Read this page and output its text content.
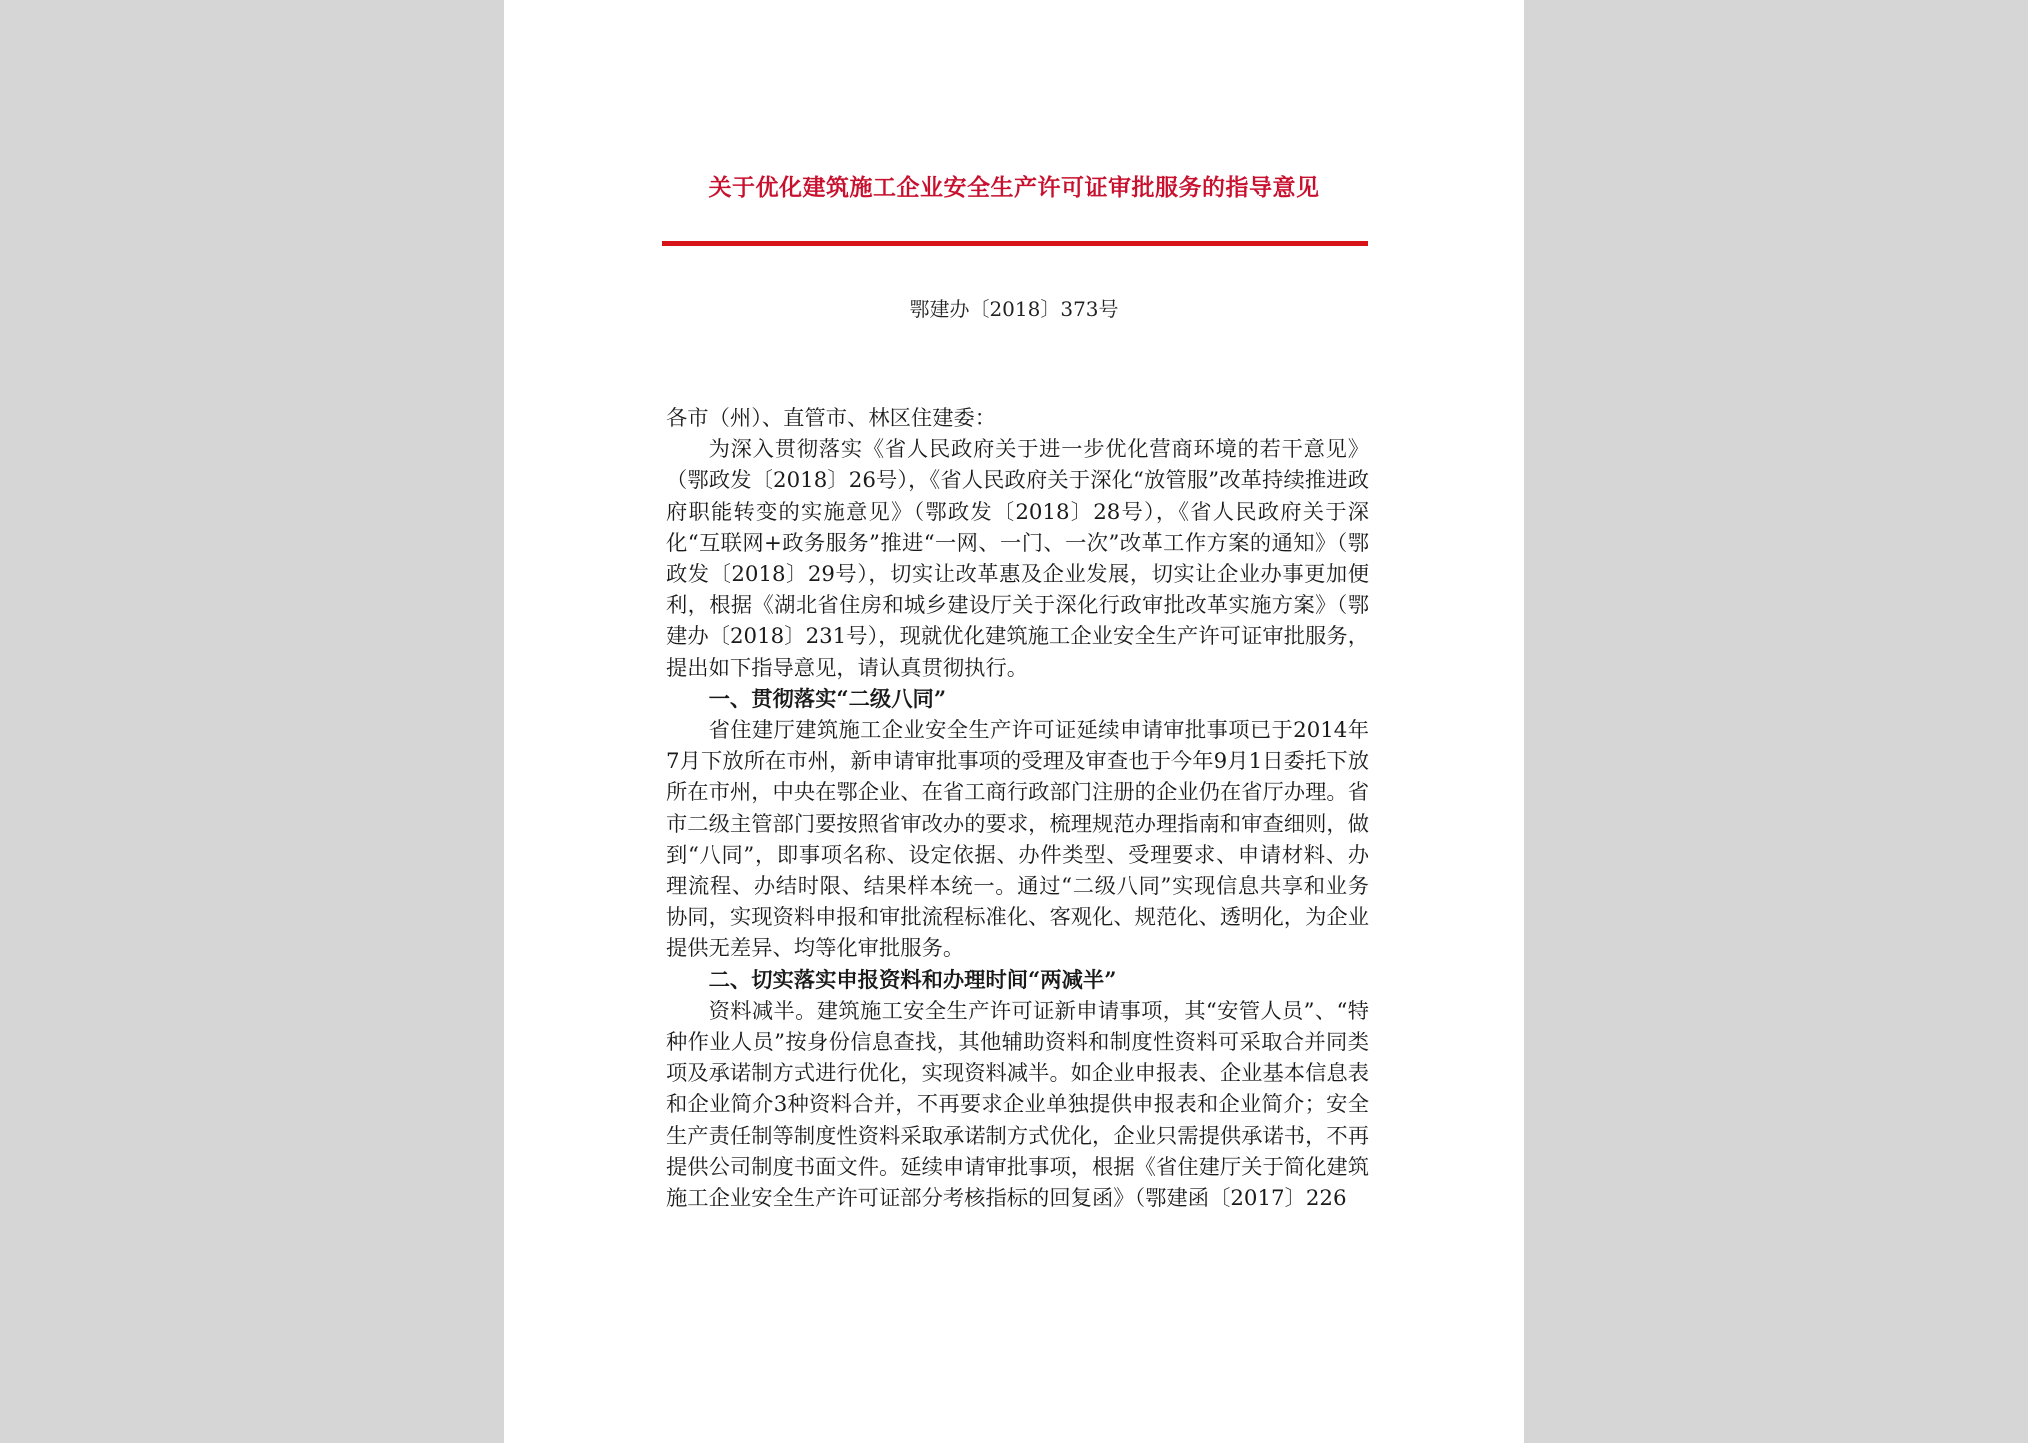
关于优化建筑施工企业安全生产许可证审批服务的指导意见
鄂建办〔2018〕373号

各市（州）、直管市、林区住建委：

为深入贯彻落实《省人民政府关于进一步优化营商环境的若干意见》（鄂政发〔2018〕26号），《省人民政府关于深化“放管服”改革持续推进政府职能转变的实施意见》（鄂政发〔2018〕28号），《省人民政府关于深化“互联网+政务服务”推进“一网、一门、一次”改革工作方案的通知》（鄂政发〔2018〕29号），切实让改革惠及企业发展，切实让企业办事更加便利，根据《湖北省住房和城乡建设厅关于深化行政审批改革实施方案》（鄂建办〔2018〕231号），现就优化建筑施工企业安全生产许可证审批服务，提出如下指导意见，请认真贯彻执行。

一、贯彻落实“二级八同”

省住建厅建筑施工企业安全生产许可证延续申请审批事项已于2014年7月下放所在市州，新申请审批事项的受理及审查也于今年9月1日委托下放所在市州，中央在鄂企业、在省工商行政部门注册的企业仍在省厅办理。省市二级主管部门要按照省审改办的要求，梳理规范办理指南和审查细则，做到“八同”，即事项名称、设定依据、办件类型、受理要求、申请材料、办理流程、办结时限、结果样本统一。通过“二级八同”实现信息共享和业务协同，实现资料申报和审批流程标准化、客观化、规范化、透明化，为企业提供无差异、均等化审批服务。

二、切实落实申报资料和办理时间“两减半”

资料减半。建筑施工安全生产许可证新申请事项，其“安管人员”、“特种作业人员”按身份信息查找，其他辅助资料和制度性资料可采取合并同类项及承诺制方式进行优化，实现资料减半。如企业申报表、企业基本信息表和企业简介3种资料合并，不再要求企业单独提供申报表和企业简介；安全生产责任制等制度性资料采取承诺制方式优化，企业只需提供承诺书，不再提供公司制度书面文件。延续申请审批事项，根据《省住建厅关于简化建筑施工企业安全生产许可证部分考核指标的回复函》（鄂建函〔2017〕226
